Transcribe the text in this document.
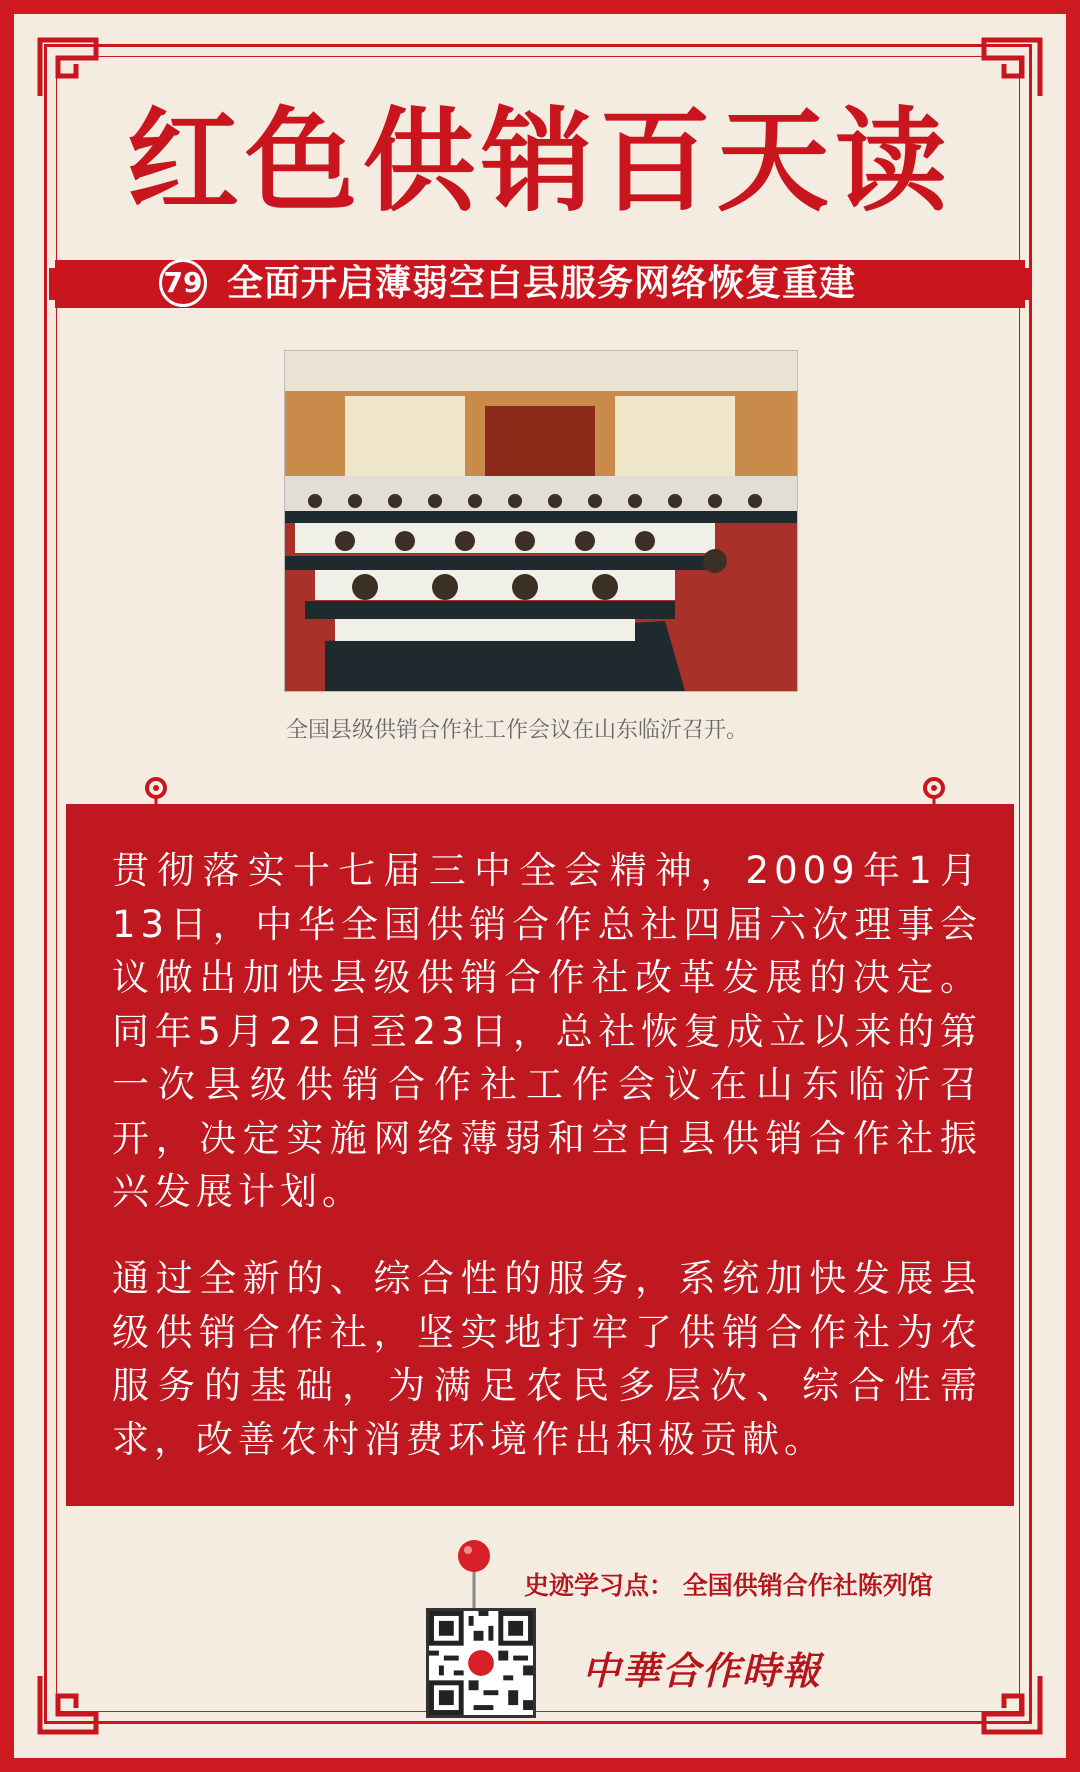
红色供销百天读
79 全面开启薄弱空白县服务网络恢复重建
全国县级供销合作社工作会议在山东临沂召开。

贯彻落实十七届三中全会精神，2009年1月13日，中华全国供销合作总社四届六次理事会议做出加快县级供销合作社改革发展的决定。同年5月22日至23日，总社恢复成立以来的第一次县级供销合作社工作会议在山东临沂召开，决定实施网络薄弱和空白县供销合作社振兴发展计划。

通过全新的、综合性的服务，系统加快发展县级供销合作社，坚实地打牢了供销合作社为农服务的基础，为满足农民多层次、综合性需求，改善农村消费环境作出积极贡献。

史迹学习点： 全国供销合作社陈列馆
中華合作時報
